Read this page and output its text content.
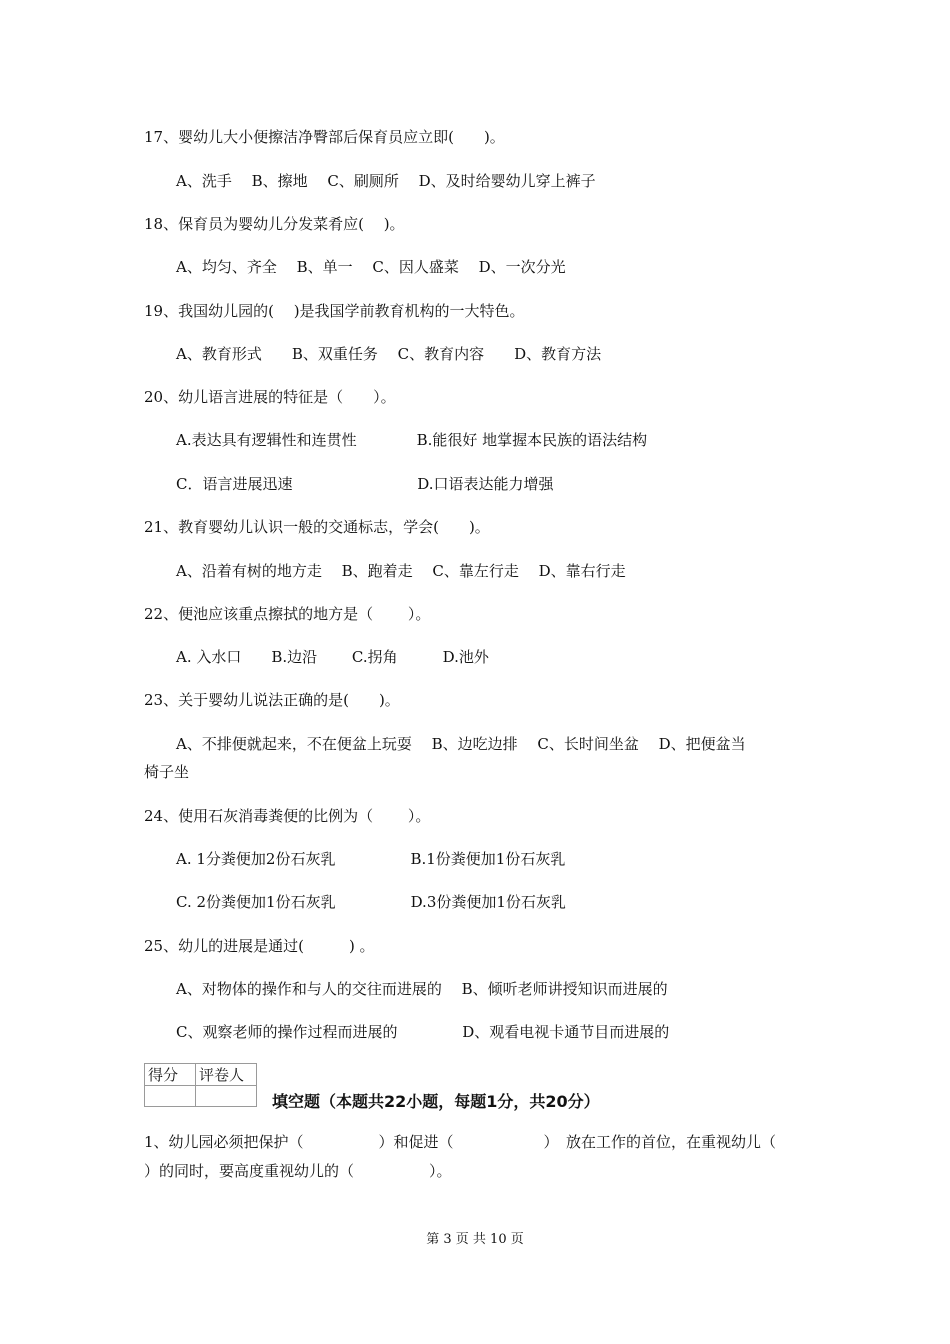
17、婴幼儿大小便擦洁净臀部后保育员应立即(　　)。
A、洗手　 B、擦地　 C、刷厕所　 D、及时给婴幼儿穿上裤子
18、保育员为婴幼儿分发菜肴应(　 )。
A、均匀、齐全　 B、单一　 C、因人盛菜　 D、一次分光
19、我国幼儿园的(　 )是我国学前教育机构的一大特色。
A、教育形式　　B、双重任务　 C、教育内容　　D、教育方法
20、幼儿语言进展的特征是（　　）。
A.表达具有逻辑性和连贯性　　　　B.能很好 地掌握本民族的语法结构
C．语言进展迅速　　　　　　　　 D.口语表达能力增强
21、教育婴幼儿认识一般的交通标志，学会(　　)。
A、沿着有树的地方走　 B、跑着走　 C、靠左行走　 D、靠右行走
22、便池应该重点擦拭的地方是（　　 ）。
A. 入水口　　B.边沿　　 C.拐角　　　D.池外
23、关于婴幼儿说法正确的是(　　)。
A、不排便就起来，不在便盆上玩耍　 B、边吃边排　 C、长时间坐盆　 D、把便盆当
椅子坐
24、使用石灰消毒粪便的比例为（　　 ）。
A. 1分粪便加2份石灰乳　　　　　B.1份粪便加1份石灰乳
C. 2份粪便加1份石灰乳　　　　　D.3份粪便加1份石灰乳
25、幼儿的进展是通过(　　　) 。
A、对物体的操作和与人的交往而进展的　 B、倾听老师讲授知识而进展的
C、观察老师的操作过程而进展的　　　　 D、观看电视卡通节目而进展的
得分	评卷人

填空题（本题共22小题，每题1分，共20分）
1、幼儿园必须把保护（　　　　　）和促进（　　　　　　）　放在工作的首位，在重视幼儿（
）的同时，要高度重视幼儿的（　　　　　）。
第 3 页 共 10 页
